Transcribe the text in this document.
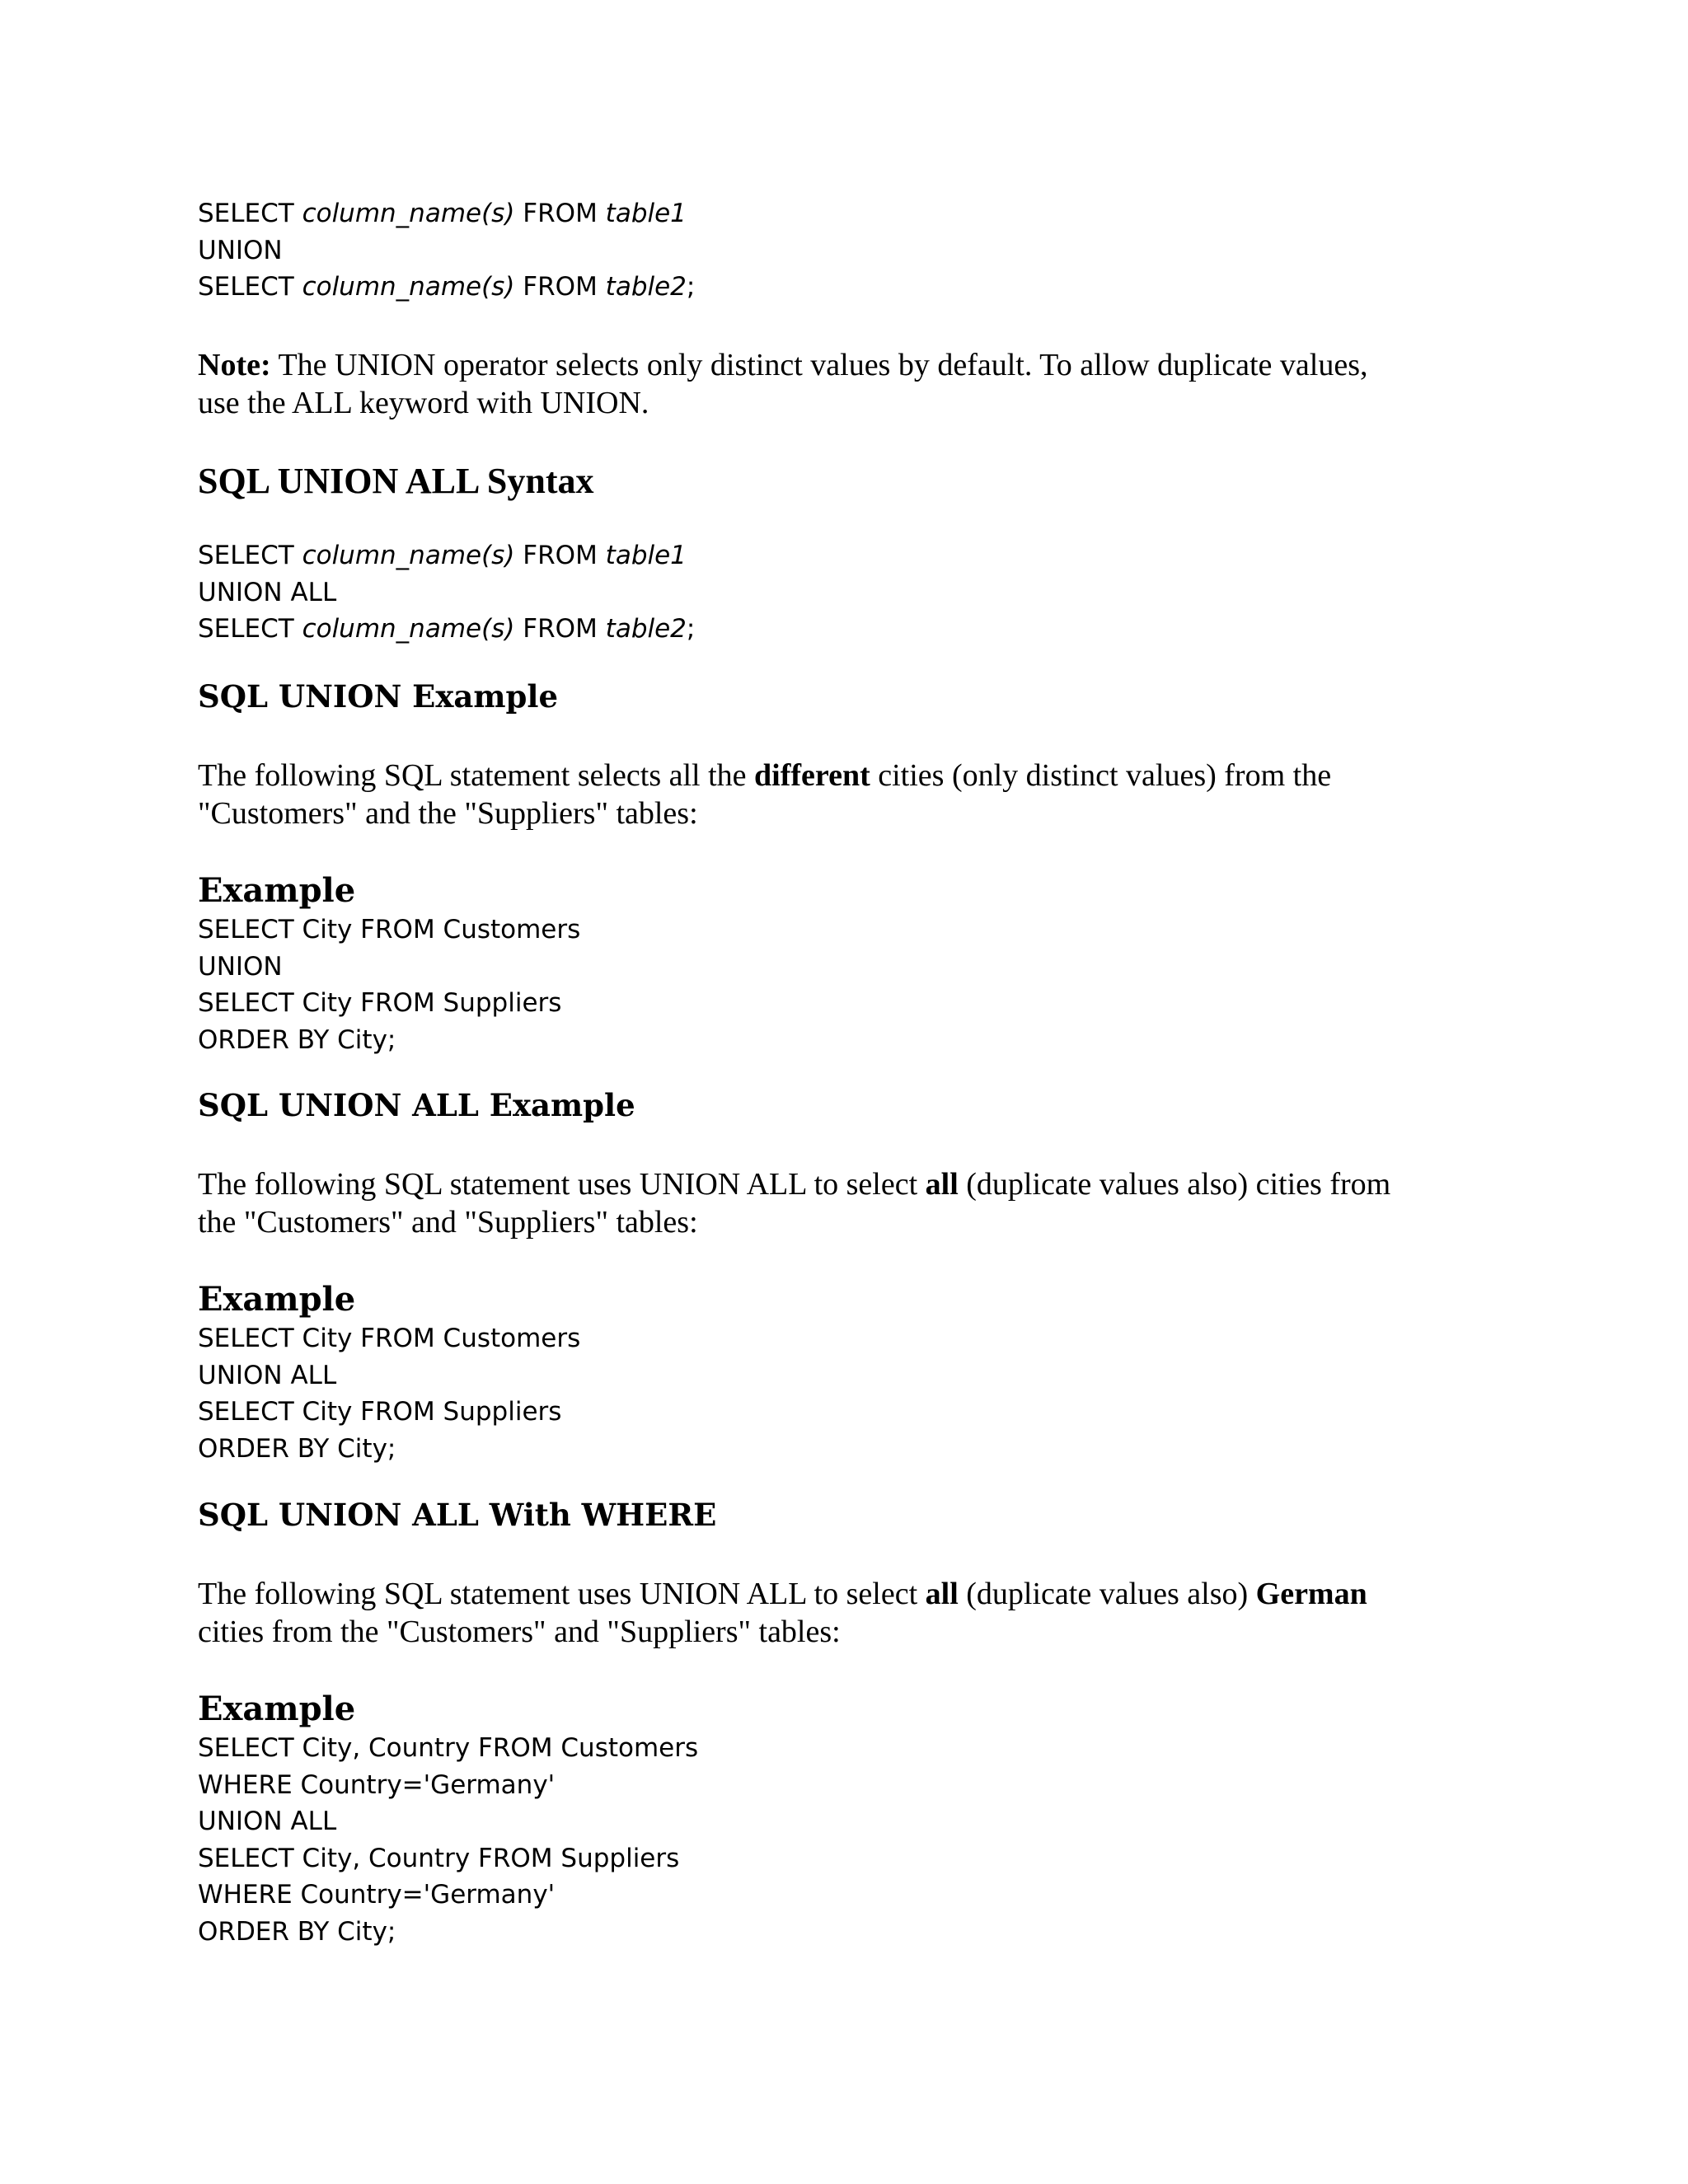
SELECT column_name(s) FROM table1
UNION
SELECT column_name(s) FROM table2;

Note: The UNION operator selects only distinct values by default. To allow duplicate values,
use the ALL keyword with UNION.

SQL UNION ALL Syntax
SELECT column_name(s) FROM table1
UNION ALL
SELECT column_name(s) FROM table2;
SQL UNION Example

The following SQL statement selects all the different cities (only distinct values) from the
"Customers" and the "Suppliers" tables:

Example
SELECT City FROM Customers
UNION
SELECT City FROM Suppliers
ORDER BY City;
SQL UNION ALL Example

The following SQL statement uses UNION ALL to select all (duplicate values also) cities from
the "Customers" and "Suppliers" tables:

Example
SELECT City FROM Customers
UNION ALL
SELECT City FROM Suppliers
ORDER BY City;
SQL UNION ALL With WHERE

The following SQL statement uses UNION ALL to select all (duplicate values also) German
cities from the "Customers" and "Suppliers" tables:

Example
SELECT City, Country FROM Customers
WHERE Country='Germany'
UNION ALL
SELECT City, Country FROM Suppliers
WHERE Country='Germany'
ORDER BY City;
